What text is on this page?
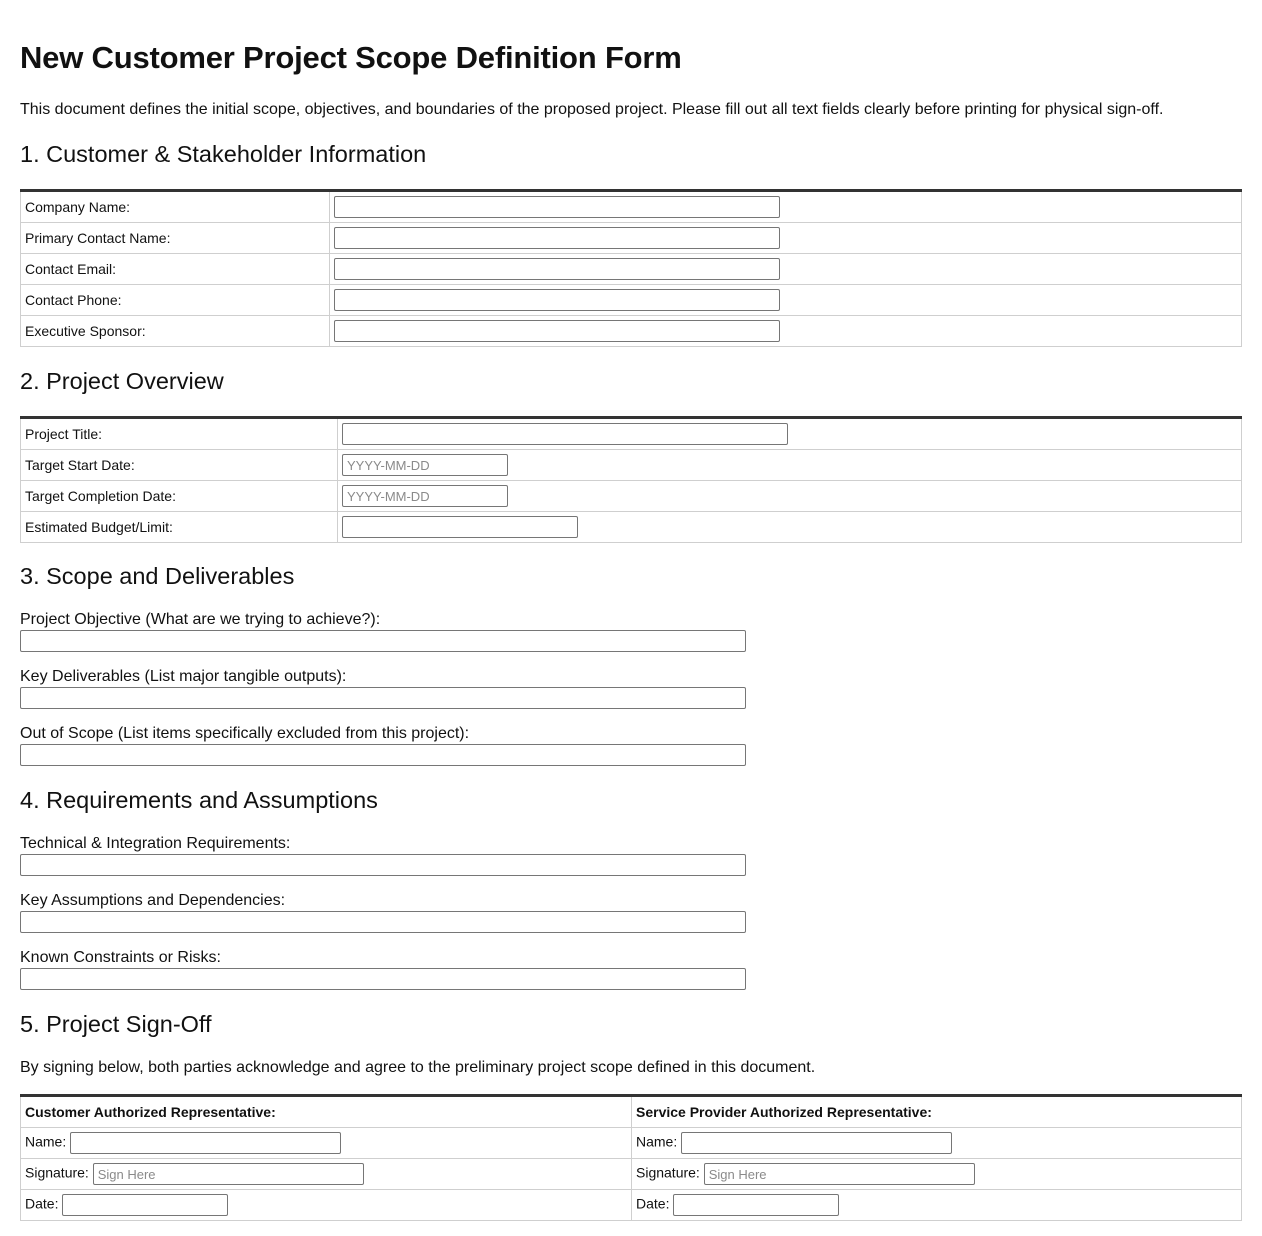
New Customer Project Scope Definition Form

This document defines the initial scope, objectives, and boundaries of the proposed project. Please fill out all text fields clearly before printing for physical sign-off.

1. Customer & Stakeholder Information
Company Name:	
Primary Contact Name:	
Contact Email:	
Contact Phone:	
Executive Sponsor:	
2. Project Overview
Project Title:	
Target Start Date:	YYYY-MM-DD
Target Completion Date:	YYYY-MM-DD
Estimated Budget/Limit:	
3. Scope and Deliverables
Project Objective (What are we trying to achieve?):
Key Deliverables (List major tangible outputs):
Out of Scope (List items specifically excluded from this project):
4. Requirements and Assumptions
Technical & Integration Requirements:
Key Assumptions and Dependencies:
Known Constraints or Risks:
5. Project Sign-Off

By signing below, both parties acknowledge and agree to the preliminary project scope defined in this document.

Customer Authorized Representative:	Service Provider Authorized Representative:
Name:	Name:
Signature: Sign Here	Signature: Sign Here
Date:	Date:
